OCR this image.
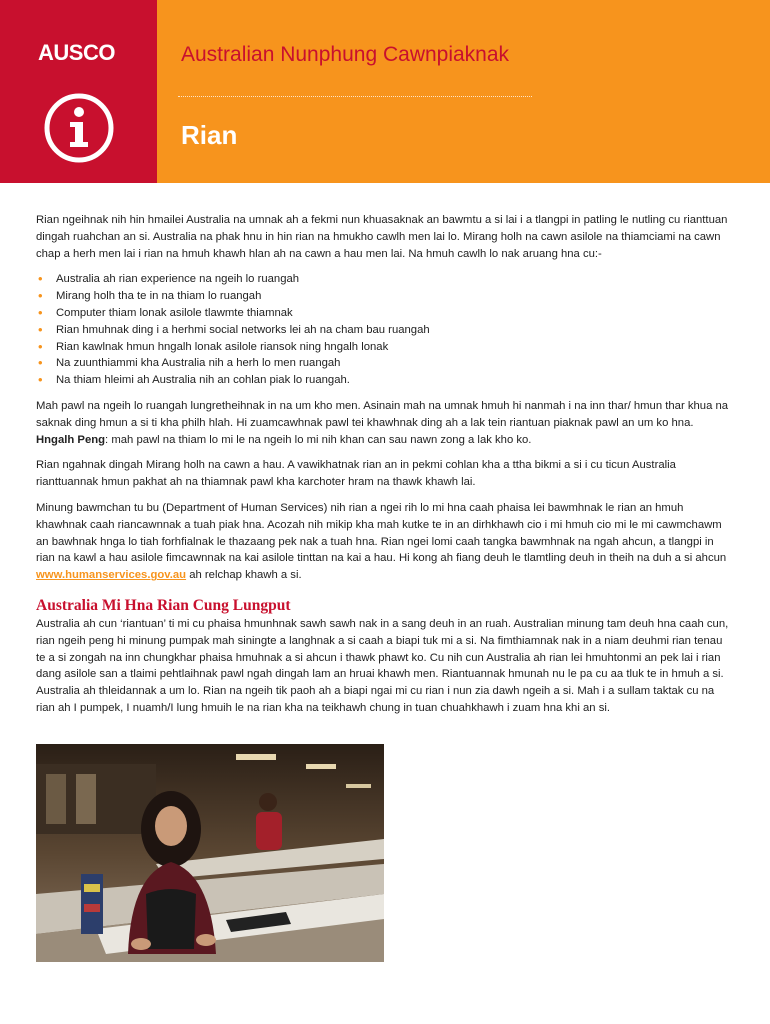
AUSCO	Australian Nunphung Cawnpiaknak
Rian

Rian ngeihnak nih hin hmailei Australia na umnak ah a fekmi nun khuasaknak an bawmtu a si lai i a tlangpi in patling le nutling cu rianttuan dingah ruahchan an si. Australia na phak hnu in hin rian na hmukho cawlh men lai lo. Mirang holh na cawn asilole na thiamciami na cawn chap a herh men lai i rian na hmuh khawh hlan ah na cawn a hau men lai. Na hmuh cawlh lo nak aruang hna cu:-

• Australia ah rian experience na ngeih lo ruangah
• Mirang holh tha te in na thiam lo ruangah
• Computer thiam lonak asilole tlawmte thiamnak
• Rian hmuhnak ding i a herhmi social networks lei ah na cham bau ruangah
• Rian kawlnak hmun hngalh lonak asilole riansok ning hngalh lonak
• Na zuunthiammi kha Australia nih a herh lo men ruangah
• Na thiam hleimi ah Australia nih an cohlan piak lo ruangah.

Mah pawl na ngeih lo ruangah lungretheihnak in na um kho men. Asinain mah na umnak hmuh hi nanmah i na inn thar/ hmun thar khua na saknak ding hmun a si ti kha philh hlah. Hi zuamcawhnak pawl tei khawhnak ding ah a lak tein riantuan piaknak pawl an um ko hna. Hngalh Peng: mah pawl na thiam lo mi le na ngeih lo mi nih khan can sau nawn zong a lak kho ko.

Rian ngahnak dingah Mirang holh na cawn a hau. A vawikhatnak rian an in pekmi cohlan kha a ttha bikmi a si i cu ticun Australia rianttuannak hmun pakhat ah na thiamnak pawl kha karchoter hram na thawk khawh lai.

Minung bawmchan tu bu (Department of Human Services) nih rian a ngei rih lo mi hna caah phaisa lei bawmhnak le rian an hmuh khawhnak caah riancawnnak a tuah piak hna. Acozah nih mikip kha mah kutke te in an dirhkhawh cio i mi hmuh cio mi le mi cawmchawm an bawhnak hnga lo tiah forhfialnak le thazaang pek nak a tuah hna. Rian ngei lomi caah tangka bawmhnak na ngah ahcun, a tlangpi in rian na kawl a hau asilole fimcawnnak na kai asilole tinttan na kai a hau. Hi kong ah fiang deuh le tlamtling deuh in theih na duh a si ahcun www.humanservices.gov.au ah relchap khawh a si.

Australia Mi Hna Rian Cung Lungput

Australia ah cun ‘riantuan’ ti mi cu phaisa hmunhnak sawh sawh nak in a sang deuh in an ruah. Australian minung tam deuh hna caah cun, rian ngeih peng hi minung pumpak mah siningte a langhnak a si caah a biapi tuk mi a si. Na fimthiamnak nak in a niam deuhmi rian tenau te a si zongah na inn chungkhar phaisa hmuhnak a si ahcun i thawk phawt ko. Cu nih cun Australia ah rian lei hmuhtonmi an pek lai i rian dang asilole san a tlaimi pehtlaihnak pawl ngah dingah lam an hruai khawh men. Riantuannak hmunah nu le pa cu aa tluk te in hmuh a si. Australia ah thleidannak a um lo. Rian na ngeih tik paoh ah a biapi ngai mi cu rian i nun zia dawh ngeih a si. Mah i a sullam taktak cu na rian ah I pumpek, I nuamh/I lung hmuih le na rian kha na teikhawh chung in tuan chuahkhawh i zuam hna khi an si.
